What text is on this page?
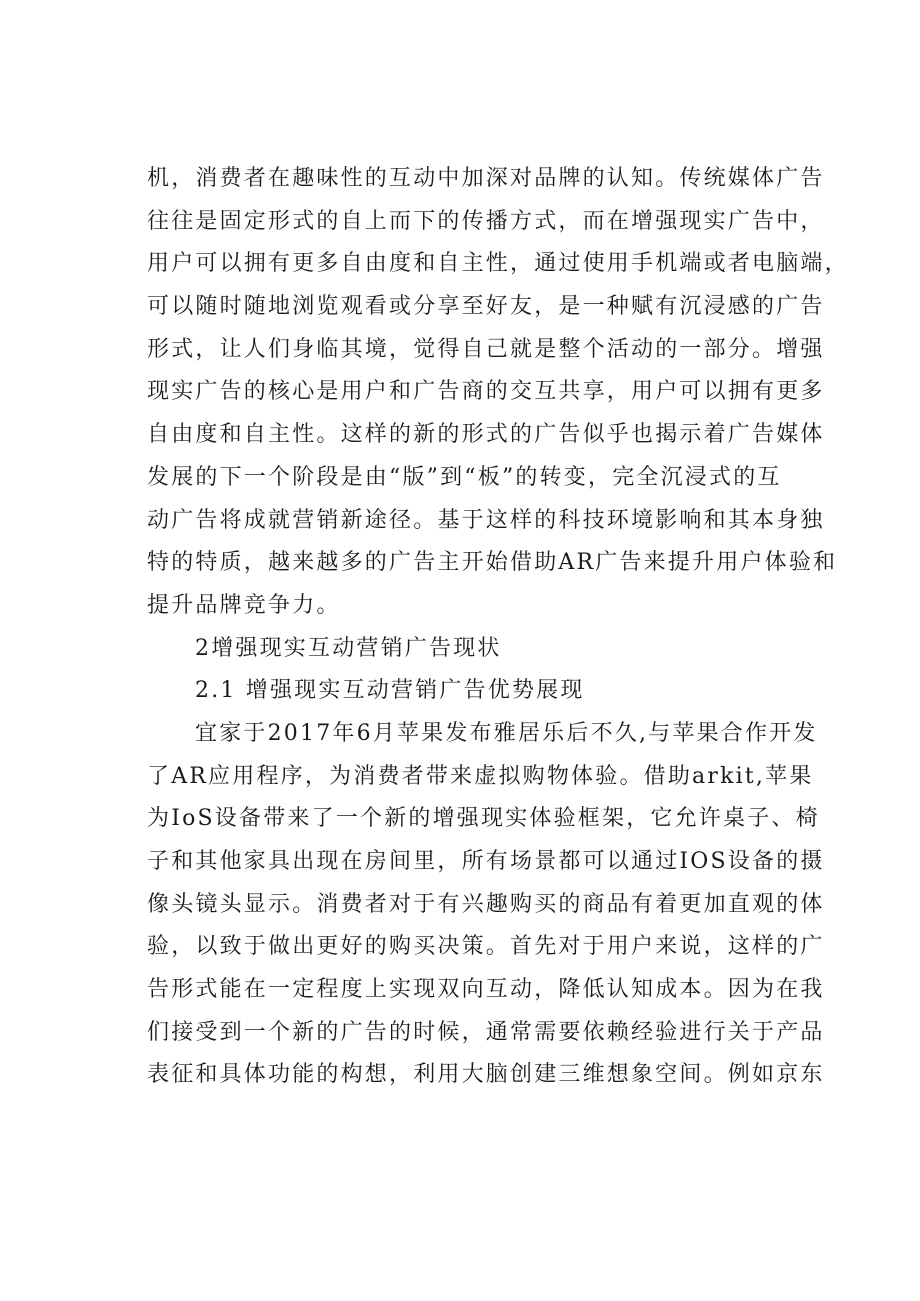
机，消费者在趣味性的互动中加深对品牌的认知。传统媒体广告
往往是固定形式的自上而下的传播方式，而在增强现实广告中，
用户可以拥有更多自由度和自主性，通过使用手机端或者电脑端，
可以随时随地浏览观看或分享至好友，是一种赋有沉浸感的广告
形式，让人们身临其境，觉得自己就是整个活动的一部分。增强
现实广告的核心是用户和广告商的交互共享，用户可以拥有更多
自由度和自主性。这样的新的形式的广告似乎也揭示着广告媒体
发展的下一个阶段是由“版”到“板”的转变，完全沉浸式的互
动广告将成就营销新途径。基于这样的科技环境影响和其本身独
特的特质，越来越多的广告主开始借助AR广告来提升用户体验和
提升品牌竞争力。
2增强现实互动营销广告现状
2.1 增强现实互动营销广告优势展现
宜家于2017年6月苹果发布雅居乐后不久,与苹果合作开发
了AR应用程序，为消费者带来虚拟购物体验。借助arkit,苹果
为IoS设备带来了一个新的增强现实体验框架，它允许桌子、椅
子和其他家具出现在房间里，所有场景都可以通过IOS设备的摄
像头镜头显示。消费者对于有兴趣购买的商品有着更加直观的体
验，以致于做出更好的购买决策。首先对于用户来说，这样的广
告形式能在一定程度上实现双向互动，降低认知成本。因为在我
们接受到一个新的广告的时候，通常需要依赖经验进行关于产品
表征和具体功能的构想，利用大脑创建三维想象空间。例如京东
